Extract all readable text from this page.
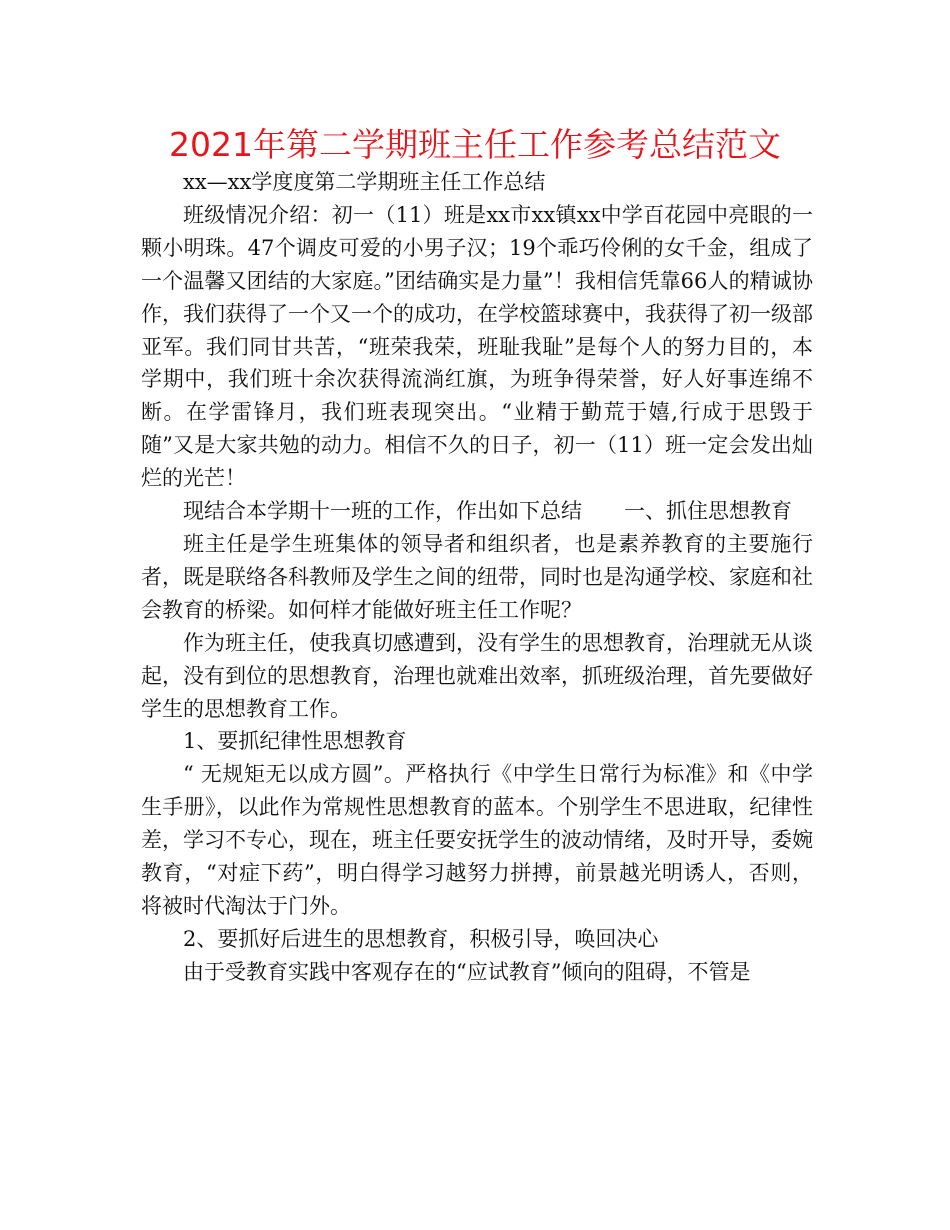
2021年第二学期班主任工作参考总结范文

xx—xx学度度第二学期班主任工作总结

班级情况介绍：初一（11）班是xx市xx镇xx中学百花园中亮眼的一颗小明珠。47个调皮可爱的小男子汉；19个乖巧伶俐的女千金，组成了一个温馨又团结的大家庭。”团结确实是力量”！我相信凭靠66人的精诚协作，我们获得了一个又一个的成功，在学校篮球赛中，我获得了初一级部亚军。我们同甘共苦，“班荣我荣，班耻我耻”是每个人的努力目的，本学期中，我们班十余次获得流淌红旗，为班争得荣誉，好人好事连绵不断。在学雷锋月，我们班表现突出。“业精于勤荒于嬉,行成于思毁于随”又是大家共勉的动力。相信不久的日子，初一（11）班一定会发出灿烂的光芒！

现结合本学期十一班的工作，作出如下总结　　一、抓住思想教育

班主任是学生班集体的领导者和组织者，也是素养教育的主要施行者，既是联络各科教师及学生之间的纽带，同时也是沟通学校、家庭和社会教育的桥梁。如何样才能做好班主任工作呢？

作为班主任，使我真切感遭到，没有学生的思想教育，治理就无从谈起，没有到位的思想教育，治理也就难出效率，抓班级治理，首先要做好学生的思想教育工作。

1、要抓纪律性思想教育

“ 无规矩无以成方圆”。严格执行《中学生日常行为标准》和《中学生手册》，以此作为常规性思想教育的蓝本。个别学生不思进取，纪律性差，学习不专心，现在，班主任要安抚学生的波动情绪，及时开导，委婉教育，“对症下药”，明白得学习越努力拼搏，前景越光明诱人，否则，将被时代淘汰于门外。

2、要抓好后进生的思想教育，积极引导，唤回决心

由于受教育实践中客观存在的“应试教育”倾向的阻碍，不管是
